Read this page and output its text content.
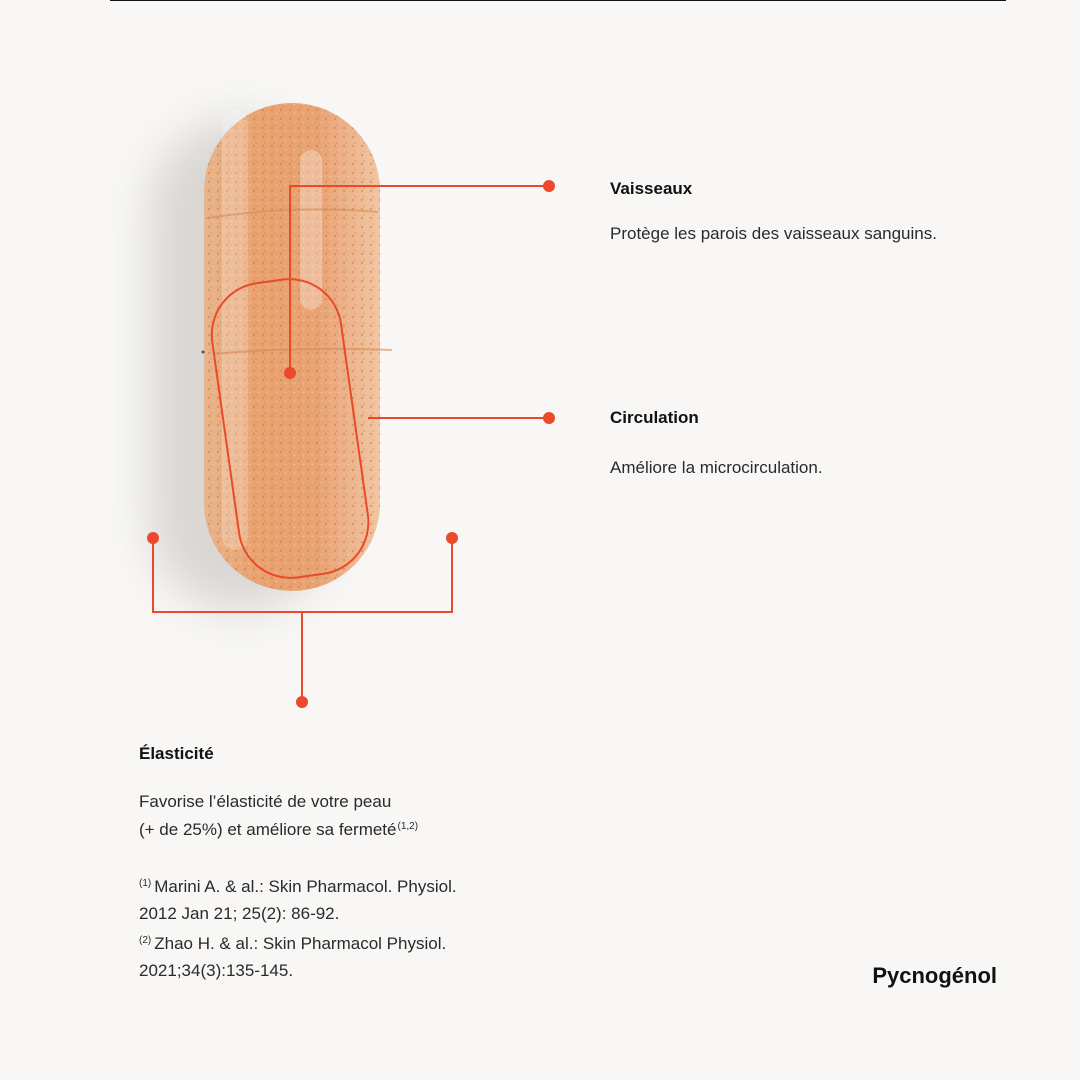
Vaisseaux
Protège les parois des vaisseaux sanguins.
Circulation
Améliore la microcirculation.
Élasticité
Favorise l’élasticité de votre peau
(+ de 25%) et améliore sa fermeté$^{(1,2)}$
$^{(1)}$ Marini A. & al.: Skin Pharmacol. Physiol.
2012 Jan 21; 25(2): 86-92.
$^{(2)}$ Zhao H. & al.: Skin Pharmacol Physiol.
2021;34(3):135-145.	Pycnogénol
